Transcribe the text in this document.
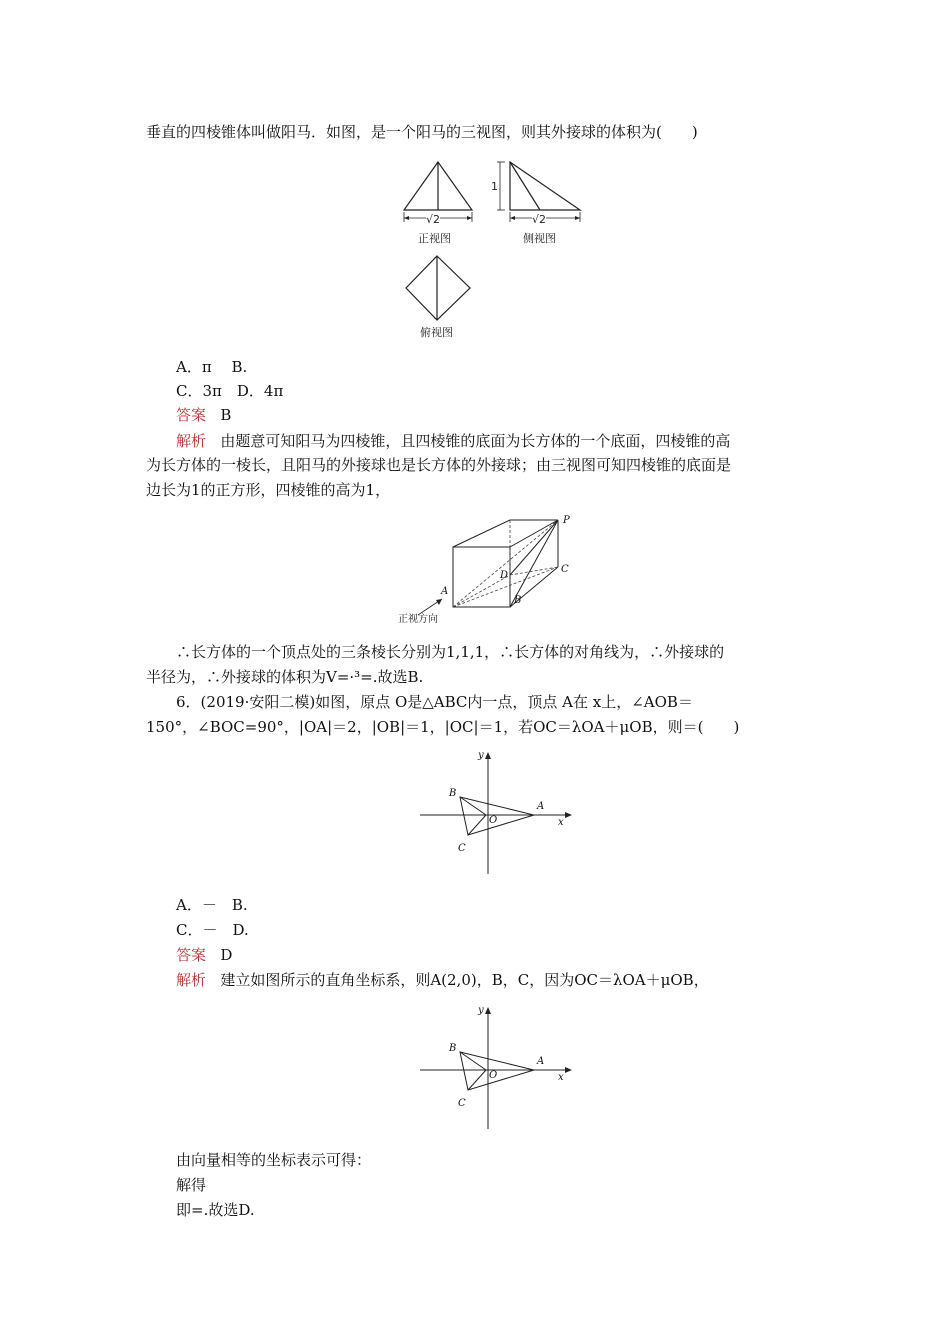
垂直的四棱锥体叫做阳马．如图，是一个阳马的三视图，则其外接球的体积为(　　)
√2
正视图
1
√2
侧视图
俯视图
A．π　 B.
C．3π　D．4π
答案 B
解析 由题意可知阳马为四棱锥，且四棱锥的底面为长方体的一个底面，四棱锥的高
为长方体的一棱长，且阳马的外接球也是长方体的外接球；由三视图可知四棱锥的底面是
边长为1的正方形，四棱锥的高为1，
P
D
C
A
B
正视方向
∴长方体的一个顶点处的三条棱长分别为1,1,1，∴长方体的对角线为，∴外接球的
半径为，∴外接球的体积为V=·³=.故选B.
6．(2019·安阳二模)如图，原点 O是△ABC内一点，顶点 A在 x上，∠AOB＝
150°，∠BOC=90°，|OA|＝2，|OB|＝1，|OC|＝1，若OC＝λOA＋μOB，则＝(　　)
y
x
A
B
C
O
A．－　B.
C．－　D.
答案 D
解析 建立如图所示的直角坐标系，则A(2,0)，B，C，因为OC＝λOA＋μOB，
y
x
A
B
C
O
由向量相等的坐标表示可得：
解得
即=.故选D.
